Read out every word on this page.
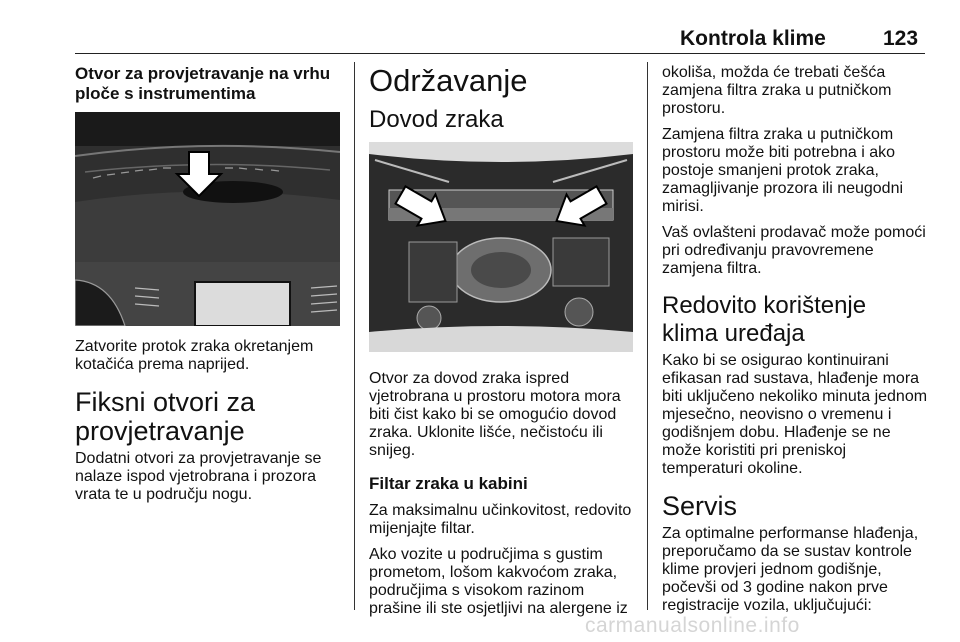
Kontrola klime	123
Otvor za provjetravanje na vrhu ploče s instrumentima

Zatvorite protok zraka okretanjem kotačića prema naprijed.

Fiksni otvori za provjetravanje

Dodatni otvori za provjetravanje se nalaze ispod vjetrobrana i prozora vrata te u području nogu.

Održavanje
Dovod zraka

Otvor za dovod zraka ispred vjetrobrana u prostoru motora mora biti čist kako bi se omogućio dovod zraka. Uklonite lišće, nečistoću ili snijeg.

Filtar zraka u kabini

Za maksimalnu učinkovitost, redovito mijenjajte filtar.

Ako vozite u područjima s gustim prometom, lošom kakvoćom zraka, područjima s visokom razinom prašine ili ste osjetljivi na alergene iz

okoliša, možda će trebati češća zamjena filtra zraka u putničkom prostoru.

Zamjena filtra zraka u putničkom prostoru može biti potrebna i ako postoje smanjeni protok zraka, zamagljivanje prozora ili neugodni mirisi.

Vaš ovlašteni prodavač može pomoći pri određivanju pravovremene zamjena filtra.

Redovito korištenje klima uređaja

Kako bi se osigurao kontinuirani efikasan rad sustava, hlađenje mora biti uključeno nekoliko minuta jednom mjesečno, neovisno o vremenu i godišnjem dobu. Hlađenje se ne može koristiti pri preniskoj temperaturi okoline.

Servis

Za optimalne performanse hlađenja, preporučamo da se sustav kontrole klime provjeri jednom godišnje, počevši od 3 godine nakon prve registracije vozila, uključujući:

carmanualsonline.info
